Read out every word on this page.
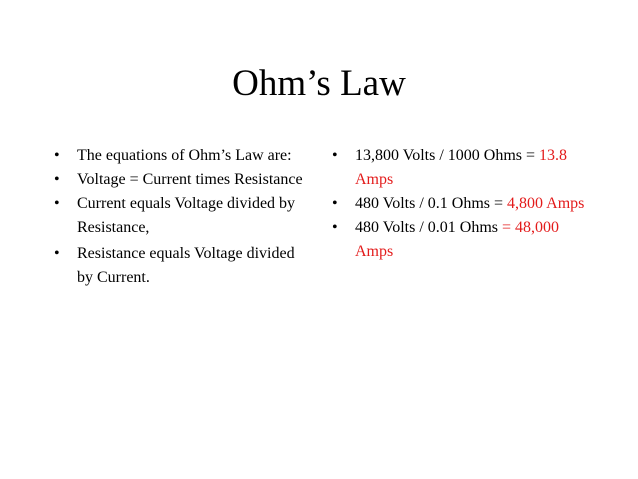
Ohm’s Law
•	The equations of Ohm’s Law are:
•	Voltage = Current times Resistance
•	Current equals Voltage divided by Resistance,
•	Resistance equals Voltage divided by Current.
•	13,800 Volts / 1000 Ohms = 13.8 Amps
•	480 Volts / 0.1 Ohms = 4,800 Amps
•	480 Volts / 0.01 Ohms = 48,000 Amps
